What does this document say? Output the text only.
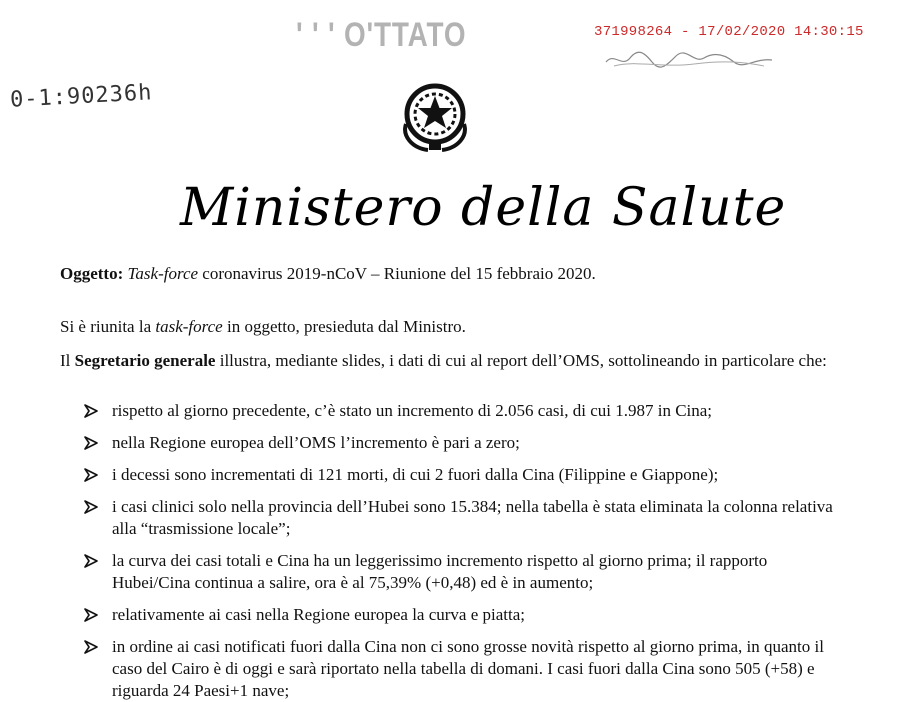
' ' ' O'TTATO	371998264 - 17/02/2020 14:30:15
0-1:90236h
Ministero della Salute
Oggetto: Task-force coronavirus 2019-nCoV – Riunione del 15 febbraio 2020.
Si è riunita la task-force in oggetto, presieduta dal Ministro.
Il Segretario generale illustra, mediante slides, i dati di cui al report dell’OMS, sottolineando in particolare che:
rispetto al giorno precedente, c’è stato un incremento di 2.056 casi, di cui 1.987 in Cina;
nella Regione europea dell’OMS l’incremento è pari a zero;
i decessi sono incrementati di 121 morti, di cui 2 fuori dalla Cina (Filippine e Giappone);
i casi clinici solo nella provincia dell’Hubei sono 15.384; nella tabella è stata eliminata la colonna relativa alla “trasmissione locale”;
la curva dei casi totali e Cina ha un leggerissimo incremento rispetto al giorno prima; il rapporto Hubei/Cina continua a salire, ora è al 75,39% (+0,48) ed è in aumento;
relativamente ai casi nella Regione europea la curva e piatta;
in ordine ai casi notificati fuori dalla Cina non ci sono grosse novità rispetto al giorno prima, in quanto il caso del Cairo è di oggi e sarà riportato nella tabella di domani. I casi fuori dalla Cina sono 505 (+58) e riguarda 24 Paesi+1 nave;
